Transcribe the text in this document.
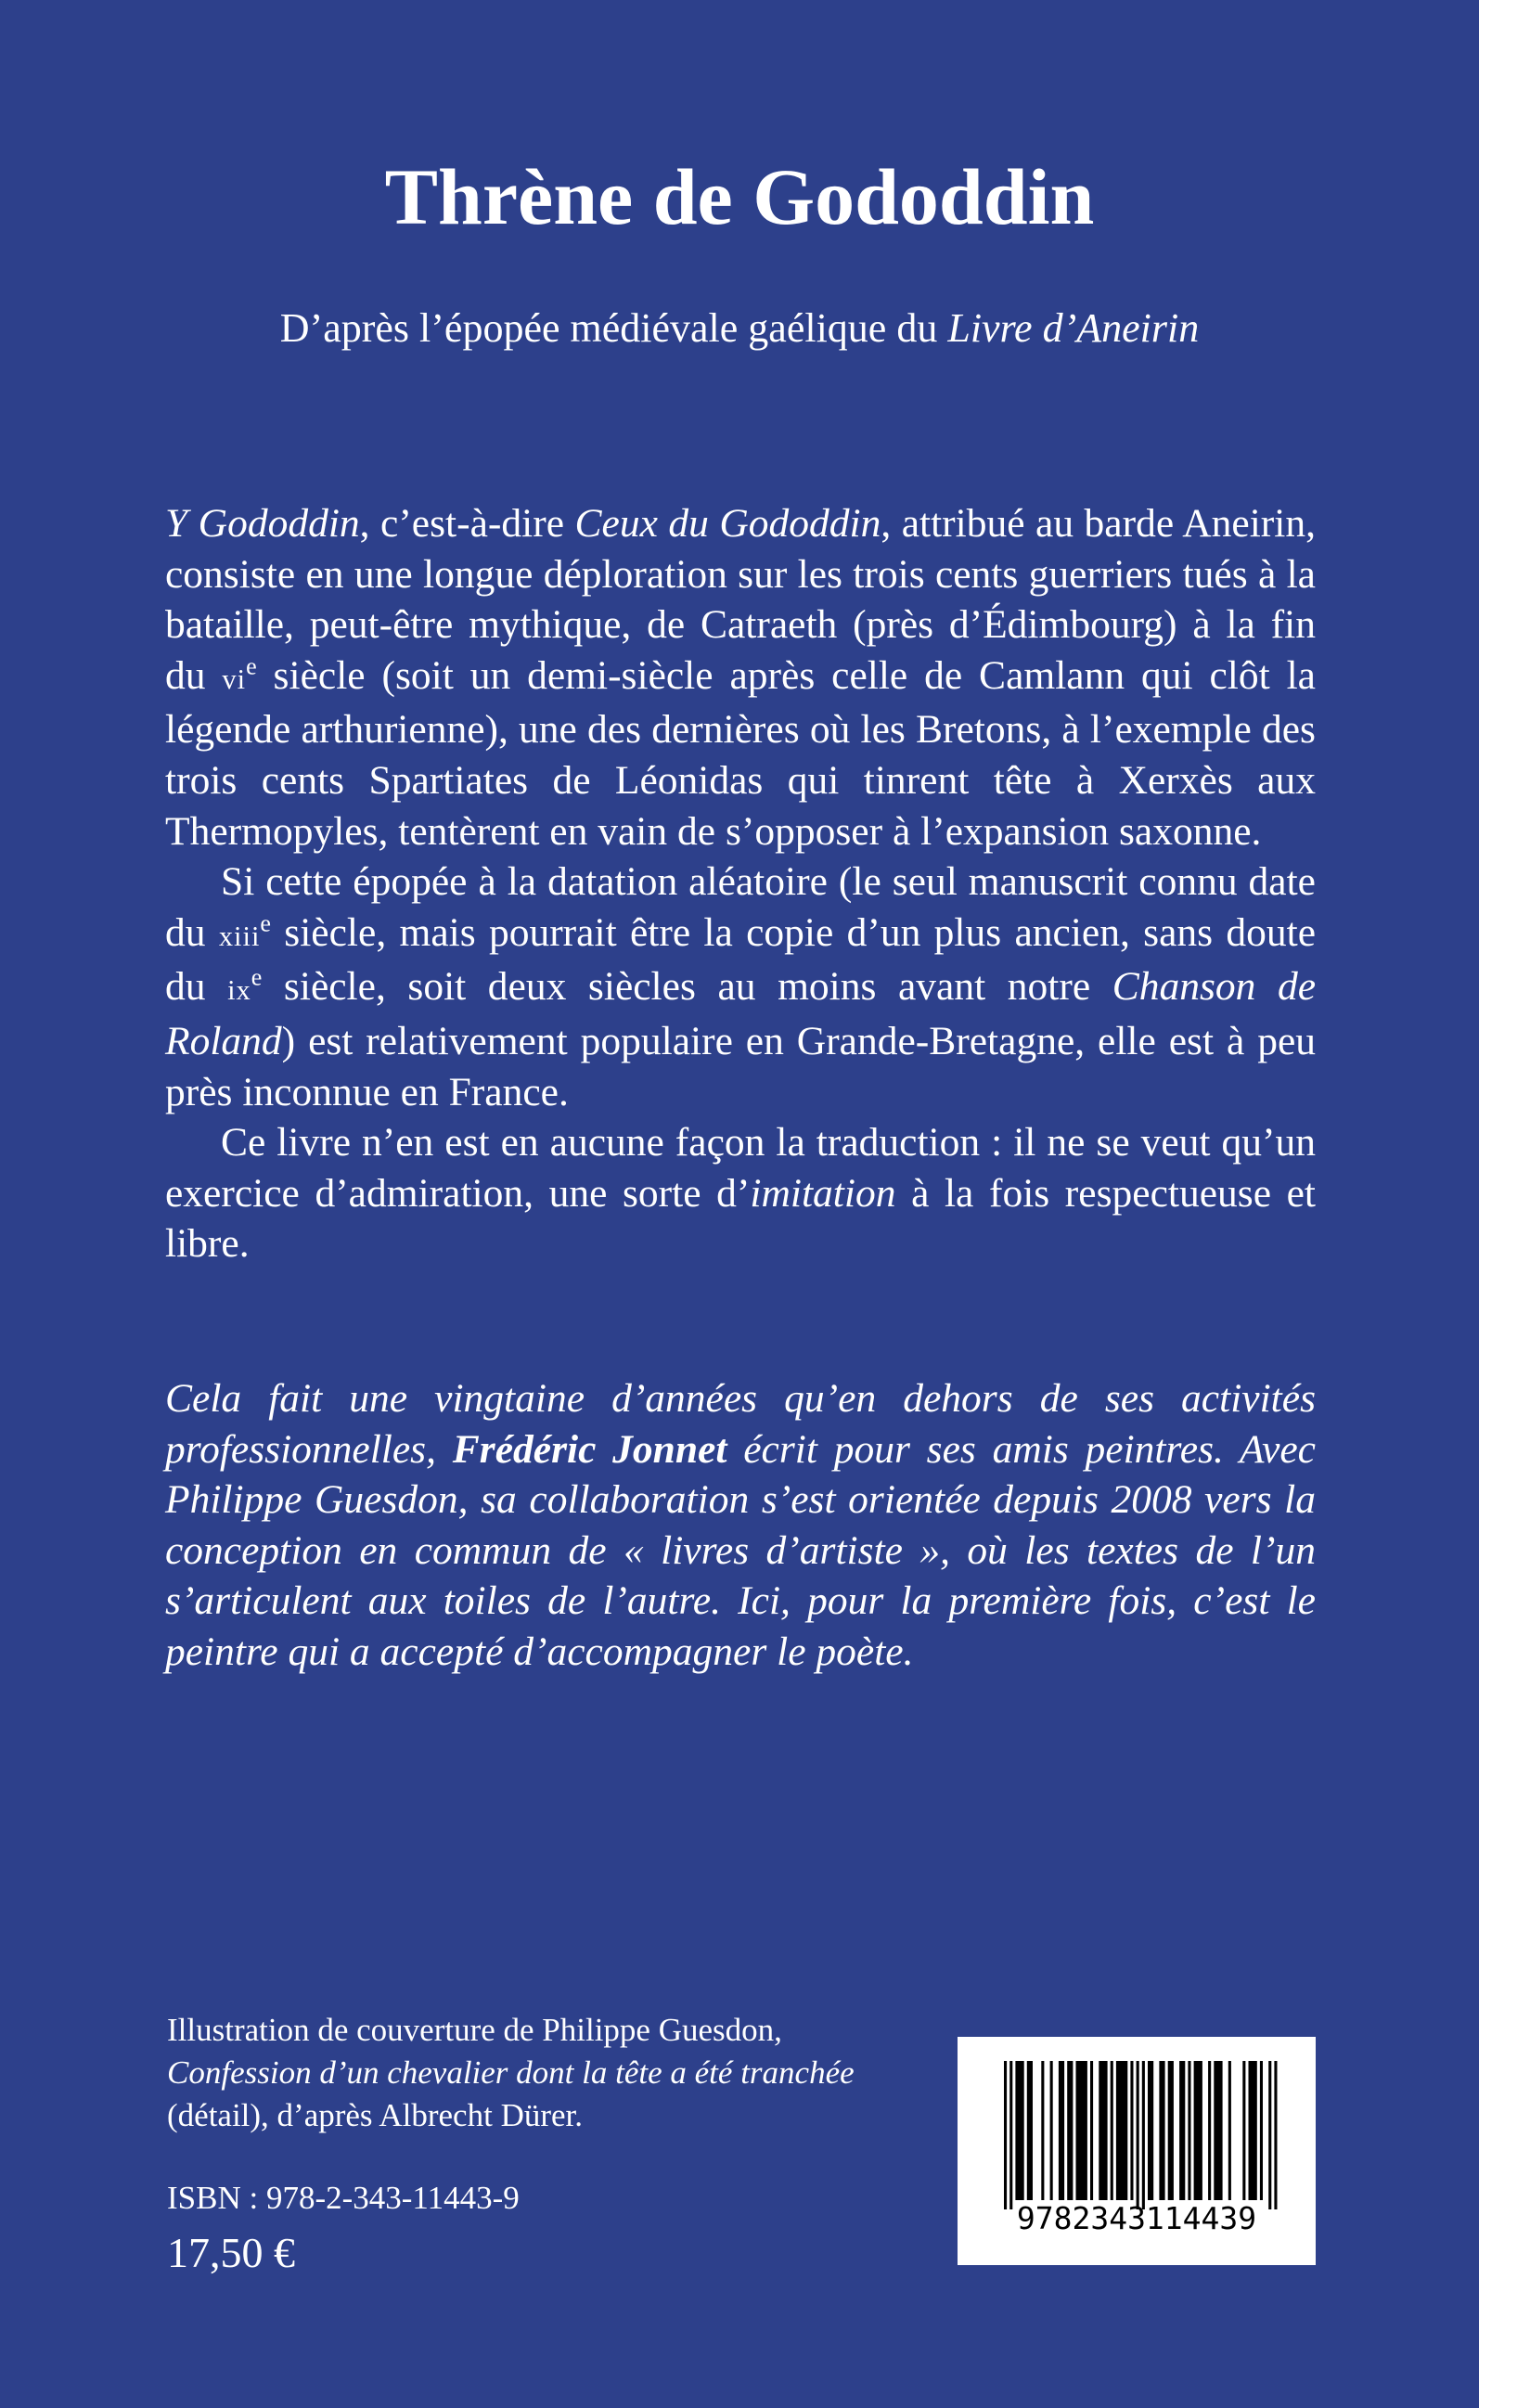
Thrène de Gododdin
D’après l’épopée médiévale gaélique du Livre d’Aneirin

Y Gododdin, c’est-à-dire Ceux du Gododdin, attribué au barde Aneirin, consiste en une longue déploration sur les trois cents guerriers tués à la bataille, peut-être mythique, de Catraeth (près d’Édimbourg) à la fin du $vi^e$ siècle (soit un demi-siècle après celle de Camlann qui clôt la légende arthurienne), une des dernières où les Bretons, à l’exemple des trois cents Spartiates de Léonidas qui tinrent tête à Xerxès aux Thermopyles, tentèrent en vain de s’opposer à l’expansion saxonne.

Si cette épopée à la datation aléatoire (le seul manuscrit connu date du xiii$^e$ siècle, mais pourrait être la copie d’un plus ancien, sans doute du $ix^e$ siècle, soit deux siècles au moins avant notre Chanson de Roland) est relativement populaire en Grande-Bretagne, elle est à peu près inconnue en France.

Ce livre n’en est en aucune façon la traduction : il ne se veut qu’un exercice d’admiration, une sorte d’imitation à la fois respectueuse et libre.

Cela fait une vingtaine d’années qu’en dehors de ses activités professionnelles, Frédéric Jonnet écrit pour ses amis peintres. Avec Philippe Guesdon, sa collaboration s’est orientée depuis 2008 vers la conception en commun de « livres d’artiste », où les textes de l’un s’articulent aux toiles de l’autre. Ici, pour la première fois, c’est le peintre qui a accepté d’accompagner le poète.
Illustration de couverture de Philippe Guesdon,
Confession d’un chevalier dont la tête a été tranchée
(détail), d’après Albrecht Dürer.
ISBN : 978-2-343-11443-9
17,50 €
9782343114439
